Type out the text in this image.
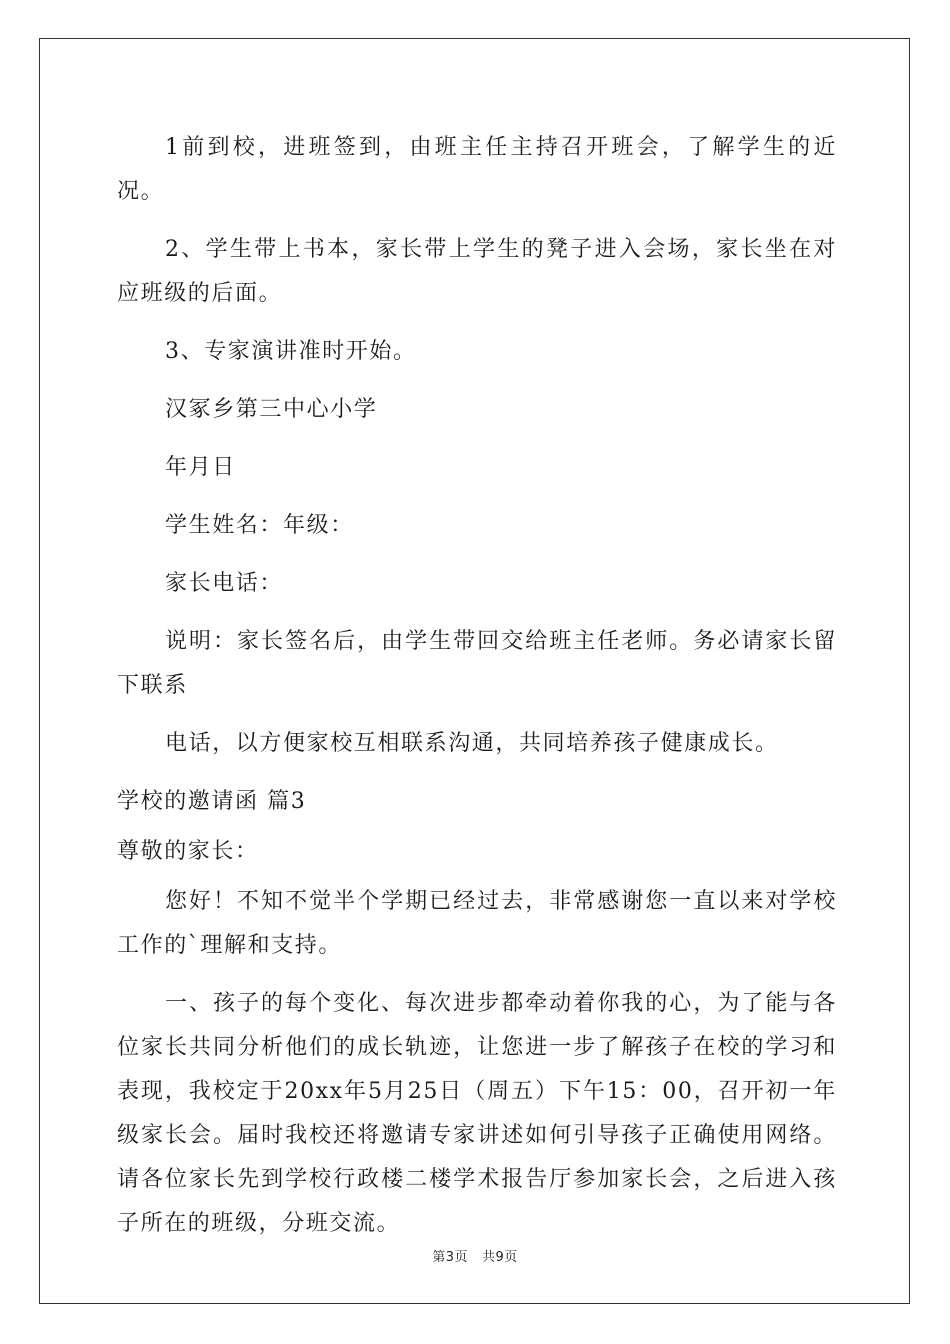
1前到校，进班签到，由班主任主持召开班会，了解学生的近况。

2、学生带上书本，家长带上学生的凳子进入会场，家长坐在对应班级的后面。

3、专家演讲准时开始。

汉冢乡第三中心小学

年月日

学生姓名：年级：

家长电话：

说明：家长签名后，由学生带回交给班主任老师。务必请家长留下联系

电话，以方便家校互相联系沟通，共同培养孩子健康成长。

学校的邀请函 篇3

尊敬的家长：

您好！不知不觉半个学期已经过去，非常感谢您一直以来对学校工作的`理解和支持。

一、孩子的每个变化、每次进步都牵动着你我的心，为了能与各位家长共同分析他们的成长轨迹，让您进一步了解孩子在校的学习和表现，我校定于20xx年5月25日（周五）下午15：00，召开初一年级家长会。届时我校还将邀请专家讲述如何引导孩子正确使用网络。请各位家长先到学校行政楼二楼学术报告厅参加家长会，之后进入孩子所在的班级，分班交流。

第3页 共9页
